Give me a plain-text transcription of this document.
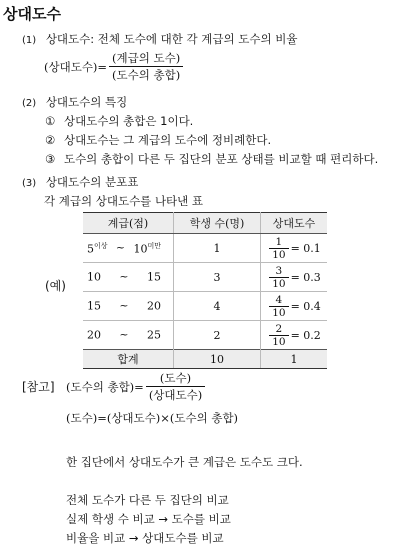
상대도수
(1) 상대도수: 전체 도수에 대한 각 계급의 도수의 비율
(상대도수)= $\frac{\text{(계급의 도수)}}{\text{(도수의 총합)}}$
(2) 상대도수의 특징
① 상대도수의 총합은 1이다.
② 상대도수는 그 계급의 도수에 정비례한다.
③ 도수의 총합이 다른 두 집단의 분포 상태를 비교할 때 편리하다.
(3) 상대도수의 분포표
각 계급의 상대도수를 나타낸 표
(예)
계급(점)	학생 수(명)	상대도수

$5^{이상}$ ~ $10^{미만}$	1	$\frac{1}{10} = 0.1$

10 ~ 15	3	$\frac{3}{10} = 0.3$

15 ~ 20	4	$\frac{4}{10} = 0.4$

20 ~ 25	2	$\frac{2}{10} = 0.2$

합계	10	1
[참고] (도수의 총합)= $\frac{\text{(도수)}}{\text{(상대도수)}}$
(도수)=(상대도수)×(도수의 총합)
한 집단에서 상대도수가 큰 계급은 도수도 크다.
전체 도수가 다른 두 집단의 비교
실제 학생 수 비교 → 도수를 비교
비율을 비교 → 상대도수를 비교
